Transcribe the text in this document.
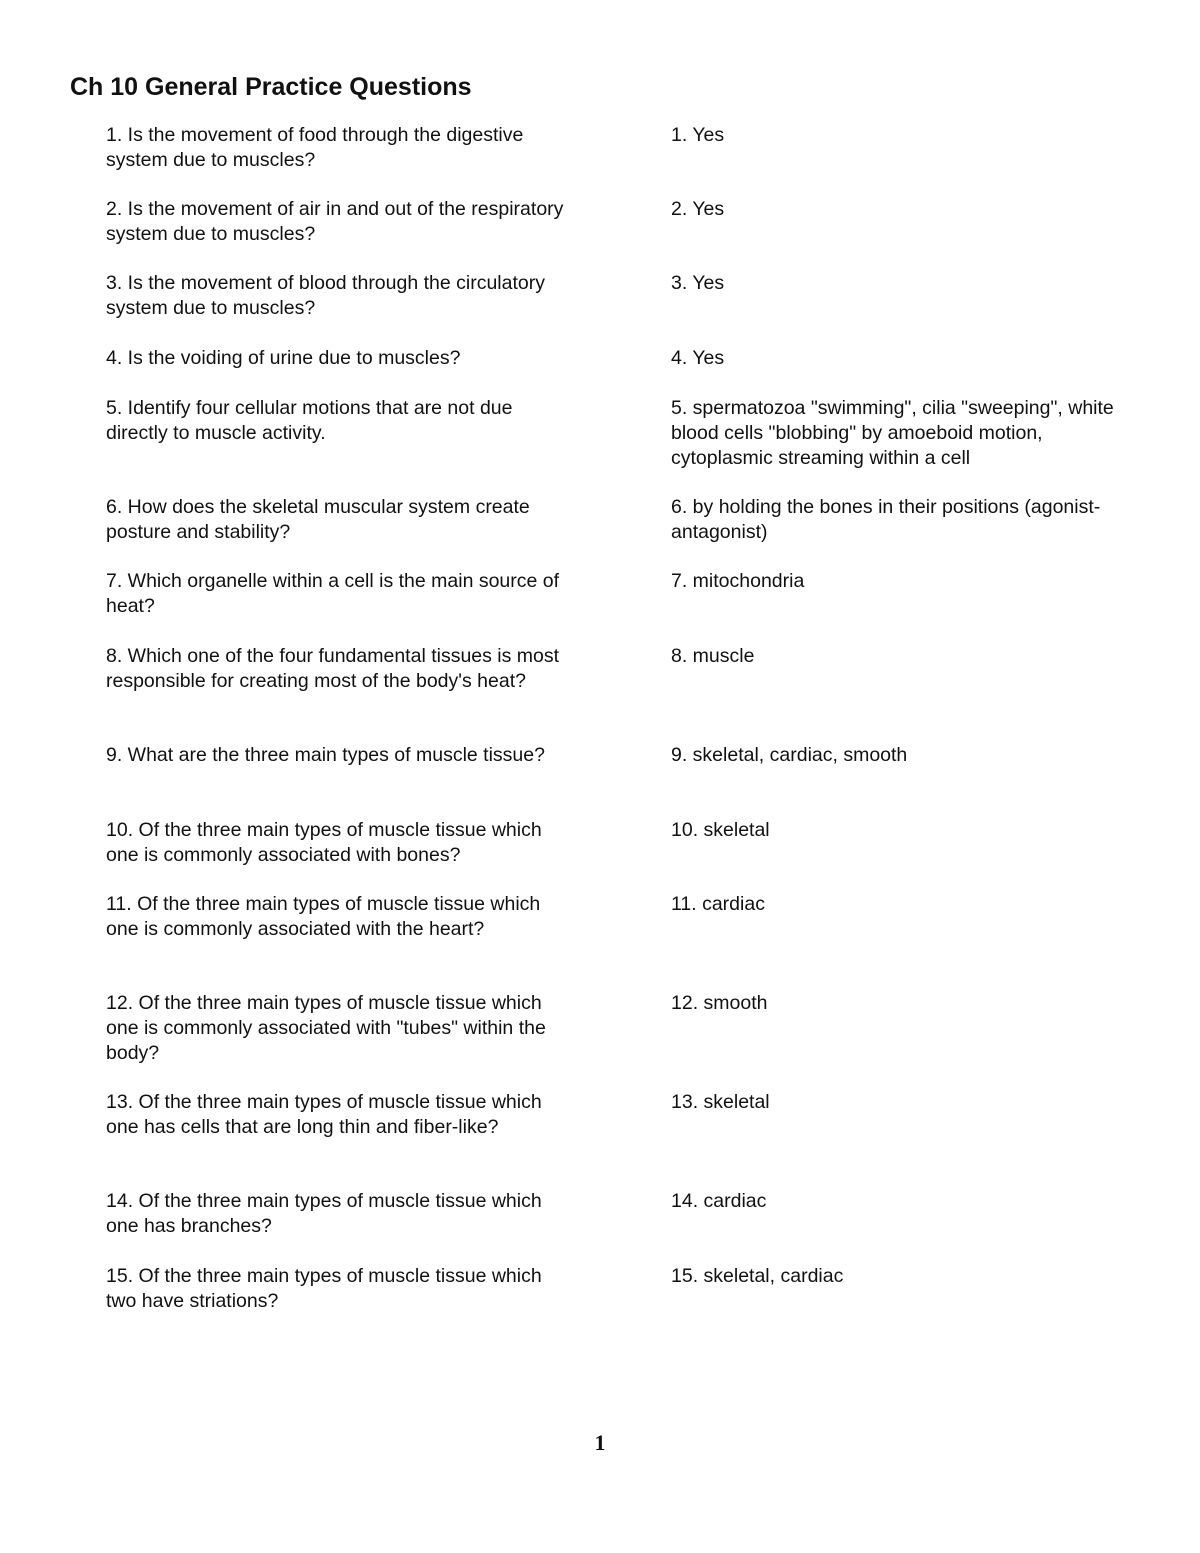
Ch 10 General Practice Questions

1. Is the movement of food through the digestive system due to muscles?

1. Yes

2. Is the movement of air in and out of the respiratory system due to muscles?

2. Yes

3. Is the movement of blood through the circulatory system due to muscles?

3. Yes

4. Is the voiding of urine due to muscles?	4. Yes

5. Identify four cellular motions that are not due directly to muscle activity.

5. spermatozoa "swimming", cilia "sweeping", white blood cells "blobbing" by amoeboid motion, cytoplasmic streaming within a cell

6. How does the skeletal muscular system create posture and stability?

6. by holding the bones in their positions (agonist-antagonist)

7. Which organelle within a cell is the main source of heat?

7. mitochondria

8. Which one of the four fundamental tissues is most responsible for creating most of the body's heat?

8. muscle

9. What are the three main types of muscle tissue?	9. skeletal, cardiac, smooth

10. Of the three main types of muscle tissue which one is commonly associated with bones?

10. skeletal

11. Of the three main types of muscle tissue which one is commonly associated with the heart?

11. cardiac

12. Of the three main types of muscle tissue which one is commonly associated with "tubes" within the body?

12. smooth

13. Of the three main types of muscle tissue which one has cells that are long thin and fiber-like?

13. skeletal

14. Of the three main types of muscle tissue which one has branches?

14. cardiac

15. Of the three main types of muscle tissue which two have striations?

15. skeletal, cardiac

1
